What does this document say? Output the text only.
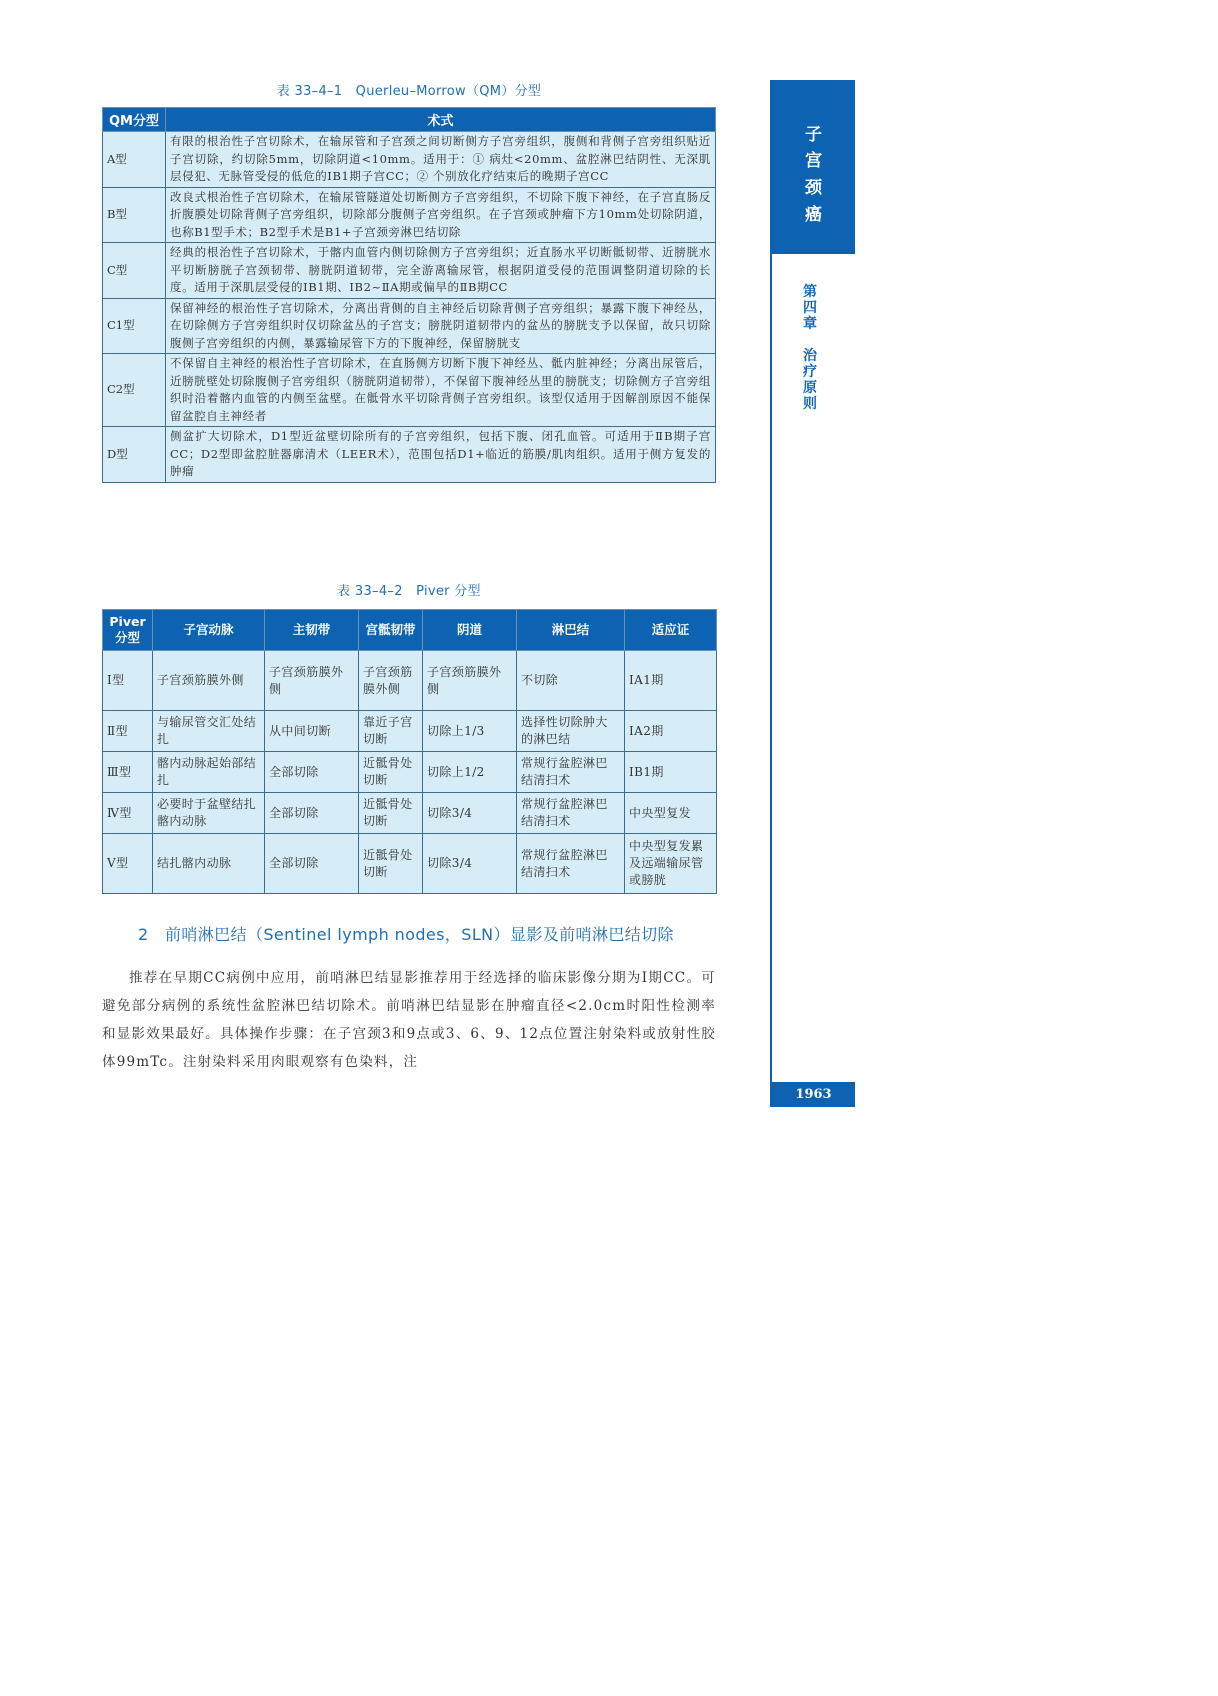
表 33–4–1　Querleu–Morrow（QM）分型
QM分型	术式
A型	有限的根治性子宫切除术，在输尿管和子宫颈之间切断侧方子宫旁组织，腹侧和背侧子宫旁组织贴近子宫切除，约切除5mm，切除阴道<10mm。适用于：① 病灶<20mm、盆腔淋巴结阴性、无深肌层侵犯、无脉管受侵的低危的ⅠB1期子宫CC；② 个别放化疗结束后的晚期子宫CC
B型	改良式根治性子宫切除术，在输尿管隧道处切断侧方子宫旁组织，不切除下腹下神经，在子宫直肠反折腹膜处切除背侧子宫旁组织，切除部分腹侧子宫旁组织。在子宫颈或肿瘤下方10mm处切除阴道，也称B1型手术；B2型手术是B1+子宫颈旁淋巴结切除
C型	经典的根治性子宫切除术，于髂内血管内侧切除侧方子宫旁组织；近直肠水平切断骶韧带、近膀胱水平切断膀胱子宫颈韧带、膀胱阴道韧带，完全游离输尿管，根据阴道受侵的范围调整阴道切除的长度。适用于深肌层受侵的ⅠB1期、ⅠB2~ⅡA期或偏早的ⅡB期CC
C1型	保留神经的根治性子宫切除术，分离出背侧的自主神经后切除背侧子宫旁组织；暴露下腹下神经丛，在切除侧方子宫旁组织时仅切除盆丛的子宫支；膀胱阴道韧带内的盆丛的膀胱支予以保留，故只切除腹侧子宫旁组织的内侧，暴露输尿管下方的下腹神经，保留膀胱支
C2型	不保留自主神经的根治性子宫切除术，在直肠侧方切断下腹下神经丛、骶内脏神经；分离出尿管后，近膀胱壁处切除腹侧子宫旁组织（膀胱阴道韧带），不保留下腹神经丛里的膀胱支；切除侧方子宫旁组织时沿着髂内血管的内侧至盆壁。在骶骨水平切除背侧子宫旁组织。该型仅适用于因解剖原因不能保留盆腔自主神经者
D型	侧盆扩大切除术，D1型近盆壁切除所有的子宫旁组织，包括下腹、闭孔血管。可适用于ⅡB期子宫CC；D2型即盆腔脏器廓清术（LEER术），范围包括D1+临近的筋膜/肌肉组织。适用于侧方复发的肿瘤
表 33–4–2　Piver 分型
Piver分型	子宫动脉	主韧带	宫骶韧带	阴道	淋巴结	适应证
Ⅰ型	子宫颈筋膜外侧	子宫颈筋膜外侧	子宫颈筋膜外侧	子宫颈筋膜外侧	不切除	ⅠA1期
Ⅱ型	与输尿管交汇处结扎	从中间切断	靠近子宫切断	切除上1/3	选择性切除肿大的淋巴结	ⅠA2期
Ⅲ型	髂内动脉起始部结扎	全部切除	近骶骨处切断	切除上1/2	常规行盆腔淋巴结清扫术	ⅠB1期
Ⅳ型	必要时于盆壁结扎髂内动脉	全部切除	近骶骨处切断	切除3/4	常规行盆腔淋巴结清扫术	中央型复发
Ⅴ型	结扎髂内动脉	全部切除	近骶骨处切断	切除3/4	常规行盆腔淋巴结清扫术	中央型复发累及远端输尿管或膀胱
2　前哨淋巴结（Sentinel lymph nodes，SLN）显影及前哨淋巴结切除

推荐在早期CC病例中应用，前哨淋巴结显影推荐用于经选择的临床影像分期为Ⅰ期CC。可避免部分病例的系统性盆腔淋巴结切除术。前哨淋巴结显影在肿瘤直径<2.0cm时阳性检测率和显影效果最好。具体操作步骤：在子宫颈3和9点或3、6、9、12点位置注射染料或放射性胶体99mTc。注射染料采用肉眼观察有色染料，注

子
宫
颈
癌
第
四
章
治
疗
原
则
1963
